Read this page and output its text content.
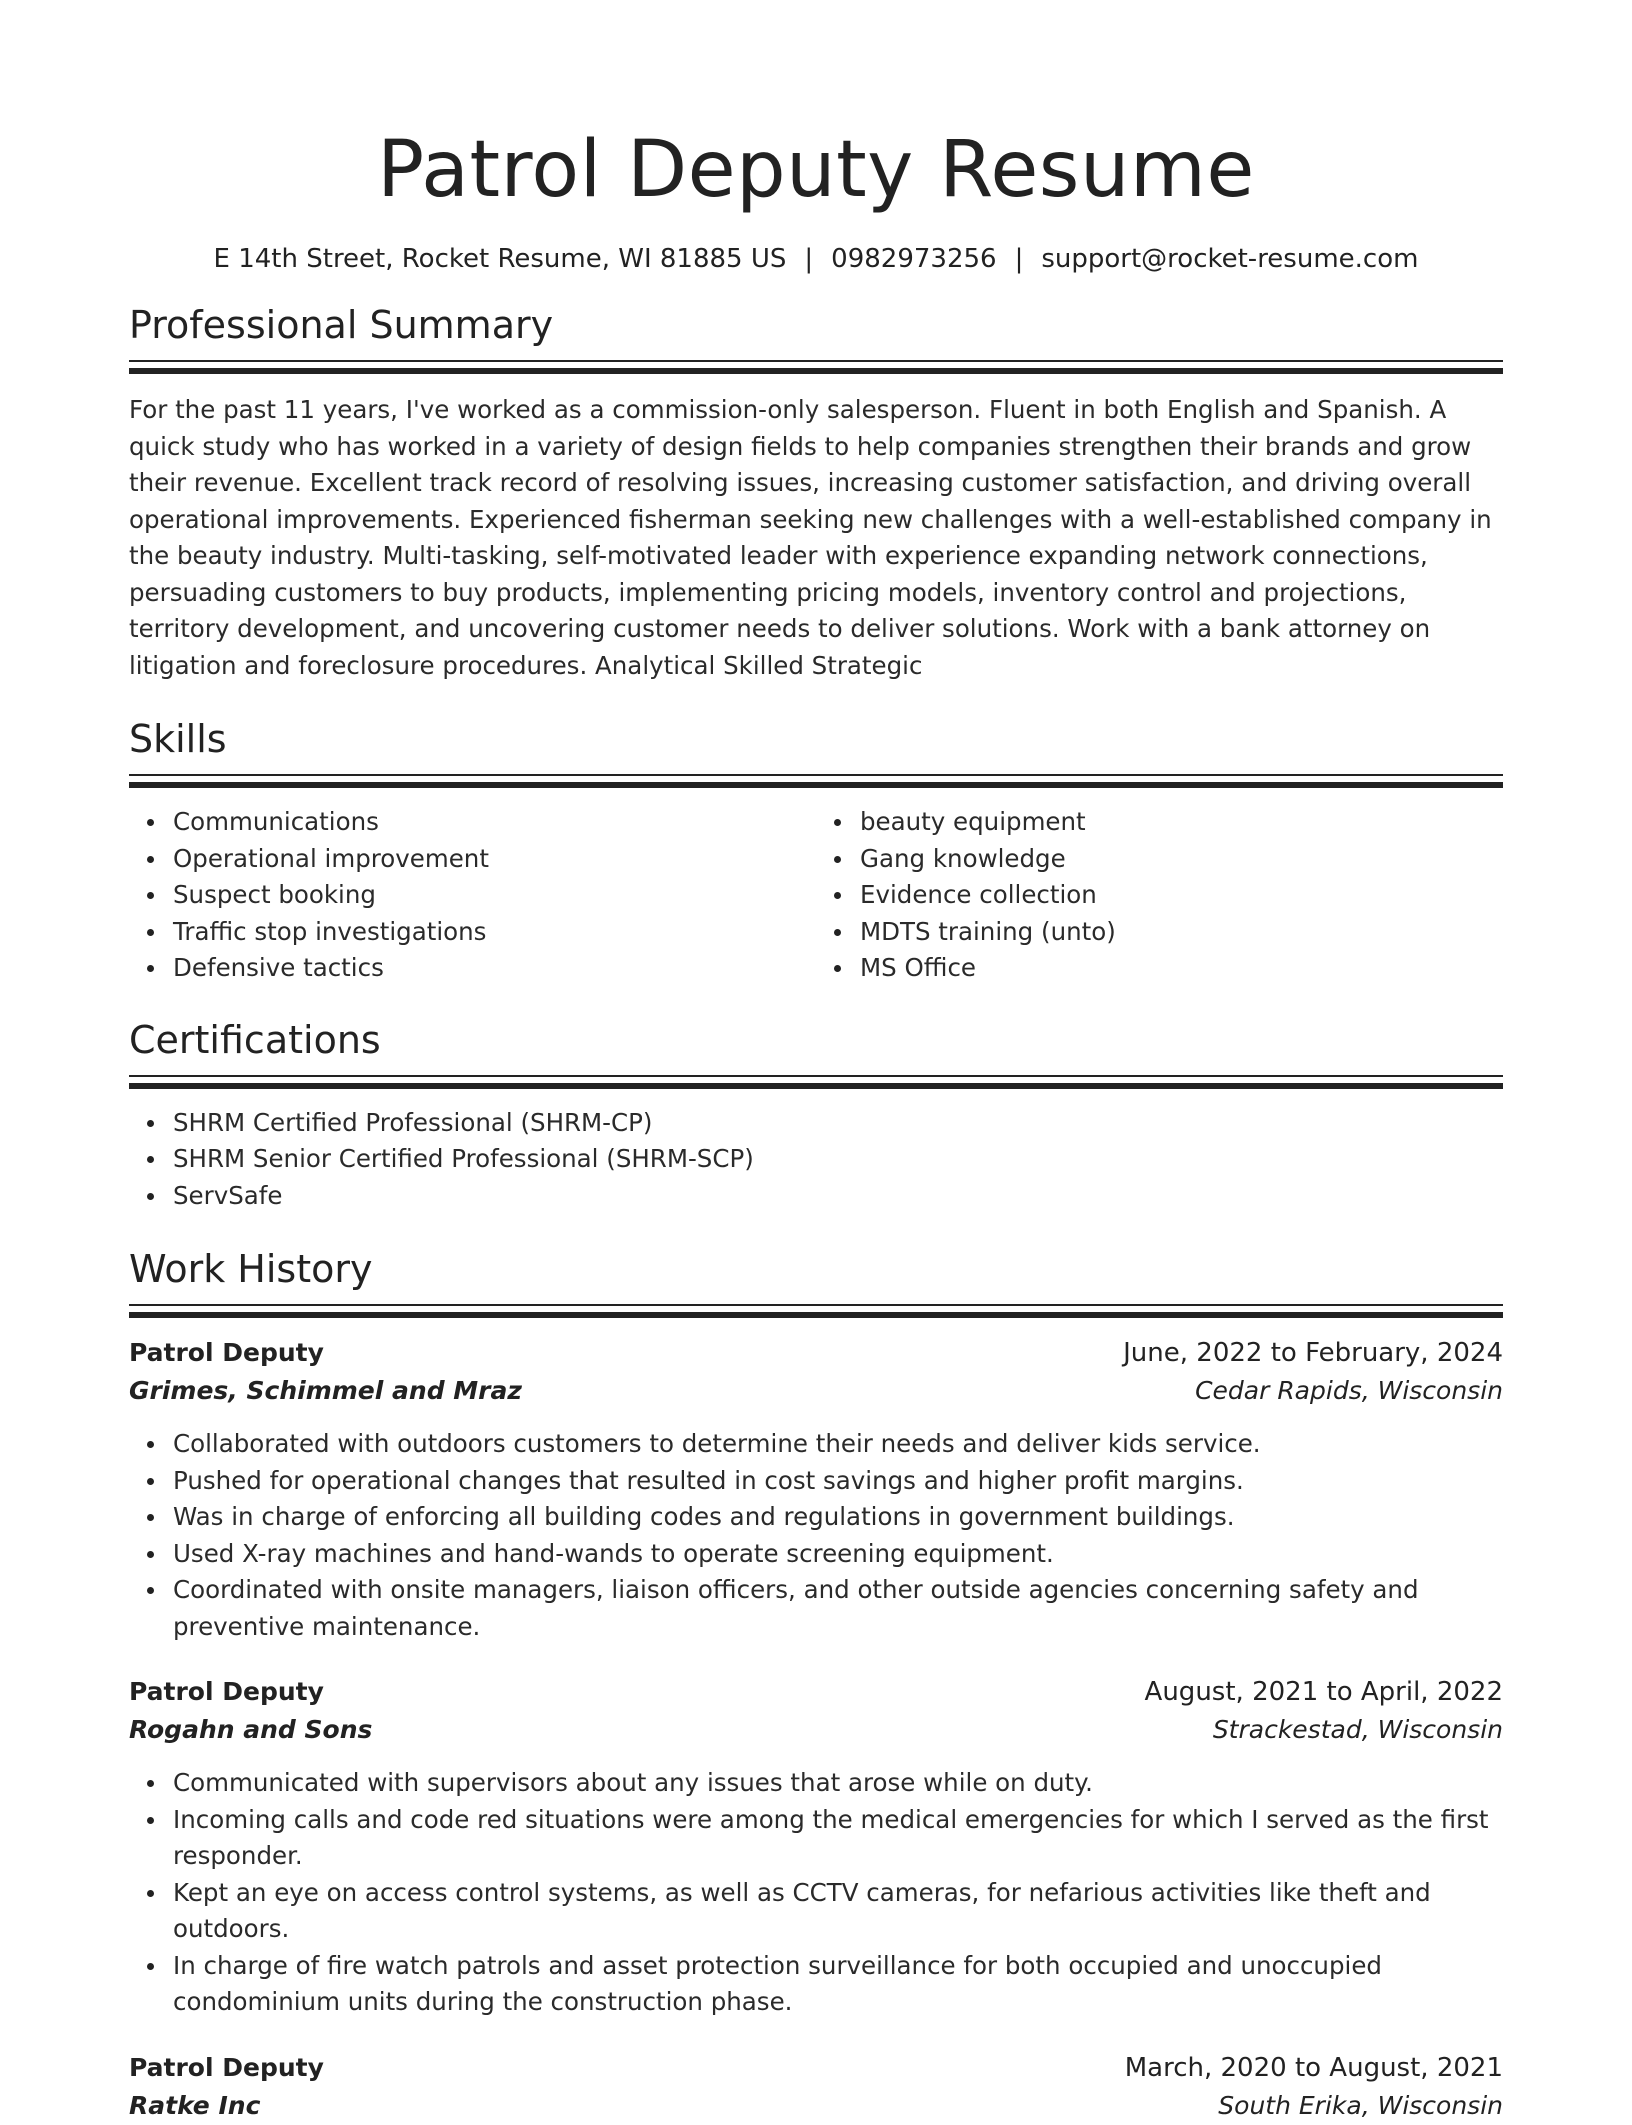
Patrol Deputy Resume
E 14th Street, Rocket Resume, WI 81885 US | 0982973256 | support@rocket-resume.com
Professional Summary

For the past 11 years, I've worked as a commission-only salesperson. Fluent in both English and Spanish. A quick study who has worked in a variety of design fields to help companies strengthen their brands and grow their revenue. Excellent track record of resolving issues, increasing customer satisfaction, and driving overall operational improvements. Experienced fisherman seeking new challenges with a well-established company in the beauty industry. Multi-tasking, self-motivated leader with experience expanding network connections, persuading customers to buy products, implementing pricing models, inventory control and projections, territory development, and uncovering customer needs to deliver solutions. Work with a bank attorney on litigation and foreclosure procedures. Analytical Skilled Strategic

Skills
Communications
Operational improvement
Suspect booking
Traffic stop investigations
Defensive tactics
beauty equipment
Gang knowledge
Evidence collection
MDTS training (unto)
MS Office
Certifications
SHRM Certified Professional (SHRM-CP)
SHRM Senior Certified Professional (SHRM-SCP)
ServSafe
Work History
Patrol Deputy	June, 2022 to February, 2024
Grimes, Schimmel and Mraz	Cedar Rapids, Wisconsin
Collaborated with outdoors customers to determine their needs and deliver kids service.
Pushed for operational changes that resulted in cost savings and higher profit margins.
Was in charge of enforcing all building codes and regulations in government buildings.
Used X-ray machines and hand-wands to operate screening equipment.
Coordinated with onsite managers, liaison officers, and other outside agencies concerning safety and preventive maintenance.
Patrol Deputy	August, 2021 to April, 2022
Rogahn and Sons	Strackestad, Wisconsin
Communicated with supervisors about any issues that arose while on duty.
Incoming calls and code red situations were among the medical emergencies for which I served as the first responder.
Kept an eye on access control systems, as well as CCTV cameras, for nefarious activities like theft and outdoors.
In charge of fire watch patrols and asset protection surveillance for both occupied and unoccupied condominium units during the construction phase.
Patrol Deputy	March, 2020 to August, 2021
Ratke Inc	South Erika, Wisconsin
